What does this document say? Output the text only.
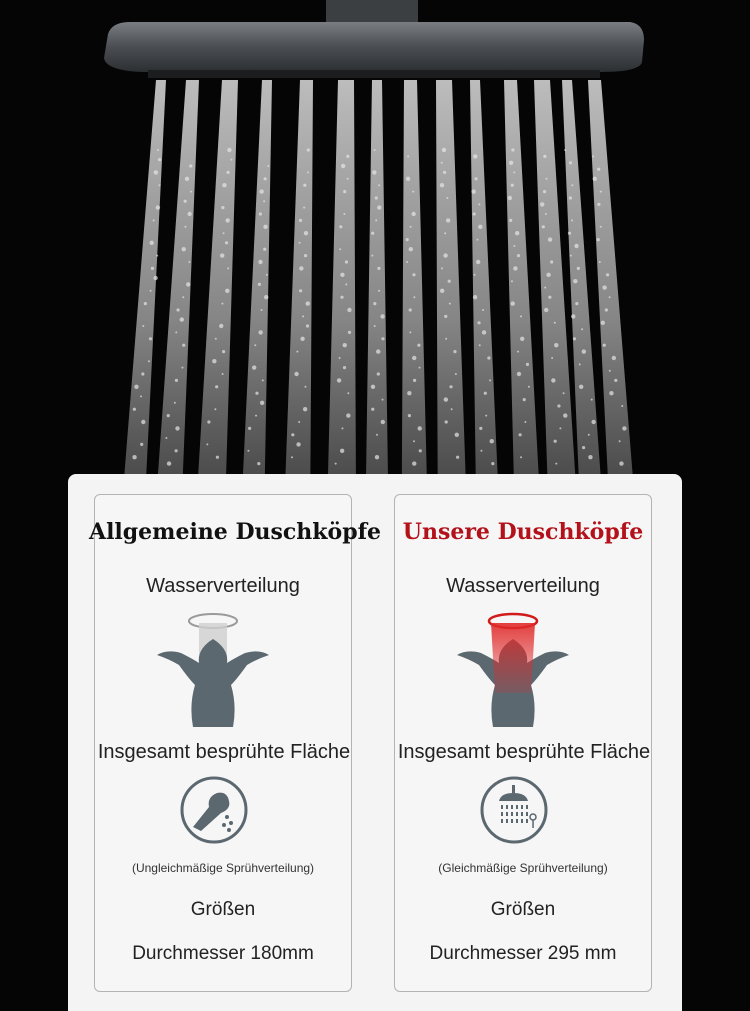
Allgemeine Duschköpfe
Wasserverteilung
Insgesamt besprühte Fläche
(Ungleichmäßige Sprühverteilung)
Größen
Durchmesser 180mm
Unsere Duschköpfe
Wasserverteilung
Insgesamt besprühte Fläche
(Gleichmäßige Sprühverteilung)
Größen
Durchmesser 295 mm
